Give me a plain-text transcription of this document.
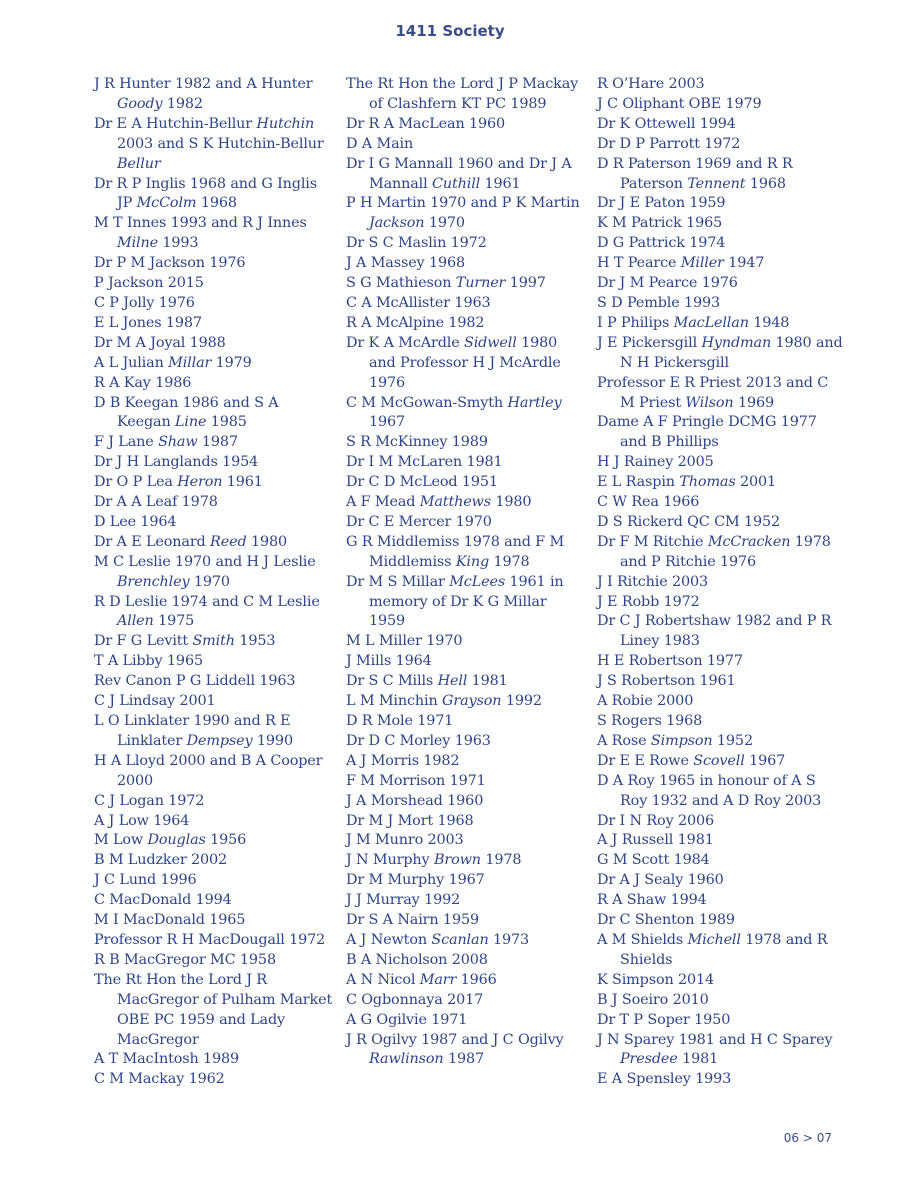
1411 Society
J R Hunter 1982 and A Hunter Goody 1982
Dr E A Hutchin-Bellur Hutchin 2003 and S K Hutchin-Bellur Bellur
Dr R P Inglis 1968 and G Inglis JP McColm 1968
M T Innes 1993 and R J Innes Milne 1993
Dr P M Jackson 1976
P Jackson 2015
C P Jolly 1976
E L Jones 1987
Dr M A Joyal 1988
A L Julian Millar 1979
R A Kay 1986
D B Keegan 1986 and S A Keegan Line 1985
F J Lane Shaw 1987
Dr J H Langlands 1954
Dr O P Lea Heron 1961
Dr A A Leaf 1978
D Lee 1964
Dr A E Leonard Reed 1980
M C Leslie 1970 and H J Leslie Brenchley 1970
R D Leslie 1974 and C M Leslie Allen 1975
Dr F G Levitt Smith 1953
T A Libby 1965
Rev Canon P G Liddell 1963
C J Lindsay 2001
L O Linklater 1990 and R E Linklater Dempsey 1990
H A Lloyd 2000 and B A Cooper 2000
C J Logan 1972
A J Low 1964
M Low Douglas 1956
B M Ludzker 2002
J C Lund 1996
C MacDonald 1994
M I MacDonald 1965
Professor R H MacDougall 1972
R B MacGregor MC 1958
The Rt Hon the Lord J R MacGregor of Pulham Market OBE PC 1959 and Lady MacGregor
A T MacIntosh 1989
C M Mackay 1962
The Rt Hon the Lord J P Mackay of Clashfern KT PC 1989
Dr R A MacLean 1960
D A Main
Dr I G Mannall 1960 and Dr J A Mannall Cuthill 1961
P H Martin 1970 and P K Martin Jackson 1970
Dr S C Maslin 1972
J A Massey 1968
S G Mathieson Turner 1997
C A McAllister 1963
R A McAlpine 1982
Dr K A McArdle Sidwell 1980 and Professor H J McArdle 1976
C M McGowan-Smyth Hartley 1967
S R McKinney 1989
Dr I M McLaren 1981
Dr C D McLeod 1951
A F Mead Matthews 1980
Dr C E Mercer 1970
G R Middlemiss 1978 and F M Middlemiss King 1978
Dr M S Millar McLees 1961 in memory of Dr K G Millar 1959
M L Miller 1970
J Mills 1964
Dr S C Mills Hell 1981
L M Minchin Grayson 1992
D R Mole 1971
Dr D C Morley 1963
A J Morris 1982
F M Morrison 1971
J A Morshead 1960
Dr M J Mort 1968
J M Munro 2003
J N Murphy Brown 1978
Dr M Murphy 1967
J J Murray 1992
Dr S A Nairn 1959
A J Newton Scanlan 1973
B A Nicholson 2008
A N Nicol Marr 1966
C Ogbonnaya 2017
A G Ogilvie 1971
J R Ogilvy 1987 and J C Ogilvy Rawlinson 1987
R O’Hare 2003
J C Oliphant OBE 1979
Dr K Ottewell 1994
Dr D P Parrott 1972
D R Paterson 1969 and R R Paterson Tennent 1968
Dr J E Paton 1959
K M Patrick 1965
D G Pattrick 1974
H T Pearce Miller 1947
Dr J M Pearce 1976
S D Pemble 1993
I P Philips MacLellan 1948
J E Pickersgill Hyndman 1980 and N H Pickersgill
Professor E R Priest 2013 and C M Priest Wilson 1969
Dame A F Pringle DCMG 1977 and B Phillips
H J Rainey 2005
E L Raspin Thomas 2001
C W Rea 1966
D S Rickerd QC CM 1952
Dr F M Ritchie McCracken 1978 and P Ritchie 1976
J I Ritchie 2003
J E Robb 1972
Dr C J Robertshaw 1982 and P R Liney 1983
H E Robertson 1977
J S Robertson 1961
A Robie 2000
S Rogers 1968
A Rose Simpson 1952
Dr E E Rowe Scovell 1967
D A Roy 1965 in honour of A S Roy 1932 and A D Roy 2003
Dr I N Roy 2006
A J Russell 1981
G M Scott 1984
Dr A J Sealy 1960
R A Shaw 1994
Dr C Shenton 1989
A M Shields Michell 1978 and R Shields
K Simpson 2014
B J Soeiro 2010
Dr T P Soper 1950
J N Sparey 1981 and H C Sparey Presdee 1981
E A Spensley 1993
06 > 07
